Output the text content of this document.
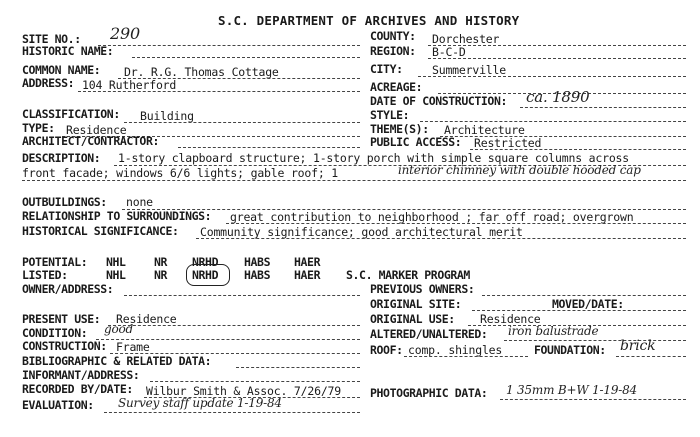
S.C. DEPARTMENT OF ARCHIVES AND HISTORY
SITE NO.: 290	COUNTY: Dorchester
HISTORIC NAME:	REGION: B-C-D
COMMON NAME: Dr. R.G. Thomas Cottage	CITY:	Summerville
ADDRESS: 104 Rutherford	ACREAGE:
DATE OF CONSTRUCTION: ca. 1890
CLASSIFICATION: Building	STYLE:
TYPE: Residence	THEME(S): Architecture
ARCHITECT/CONTRACTOR:	PUBLIC ACCESS: Restricted
DESCRIPTION: 1-story clapboard structure; 1-story porch with simple square columns across
front facade; windows 6/6 lights; gable roof; 1	interior chimney with double hooded cap
OUTBUILDINGS: none
RELATIONSHIP TO SURROUNDINGS: great contribution to neighborhood ; far off road; overgrown
HISTORICAL SIGNIFICANCE: Community significance; good architectural merit
POTENTIAL: NHL NR NRHD HABS HAER
LISTED:	NHL NR NRHD HABS HAER S.C. MARKER PROGRAM
OWNER/ADDRESS:	PREVIOUS OWNERS:
ORIGINAL SITE:	MOVED/DATE:
PRESENT USE: Residence	ORIGINAL USE: Residence
CONDITION: good	ALTERED/UNALTERED: iron balustrade
CONSTRUCTION: Frame	ROOF: comp. shingles	FOUNDATION: brick
BIBLIOGRAPHIC & RELATED DATA:
INFORMANT/ADDRESS:
RECORDED BY/DATE: Wilbur Smith & Assoc. 7/26/79	PHOTOGRAPHIC DATA: 1 35mm B+W 1-19-84
EVALUATION: Survey staff update 1-19-84
